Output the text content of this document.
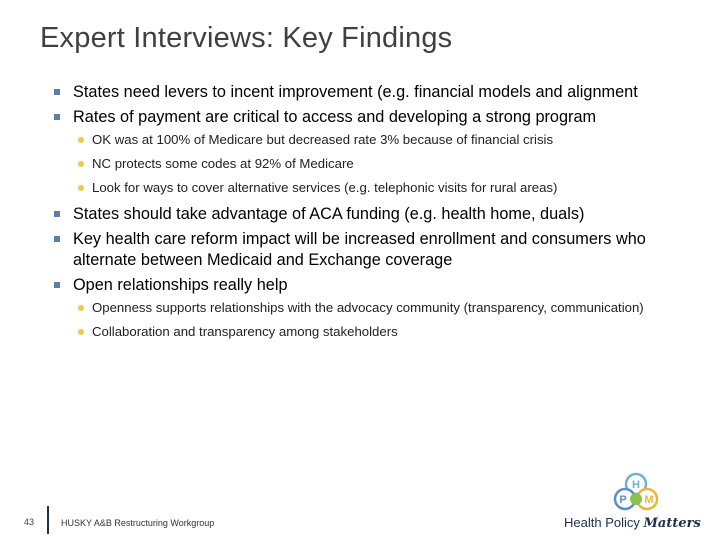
Expert Interviews: Key Findings
States need levers to incent improvement (e.g. financial models and alignment
Rates of payment are critical to access and developing a strong program
OK was at 100% of Medicare but decreased rate 3% because of financial crisis
NC protects some codes at 92% of Medicare
Look for ways to cover alternative services (e.g. telephonic visits for rural areas)
States should take advantage of ACA funding (e.g. health home, duals)
Key health care reform impact will be increased enrollment and consumers who alternate between Medicaid and Exchange coverage
Open relationships really help
Openness supports relationships with the advocacy community (transparency, communication)
Collaboration and transparency among stakeholders
43	HUSKY A&B Restructuring Workgroup
H
P M
Health Policy Matters
